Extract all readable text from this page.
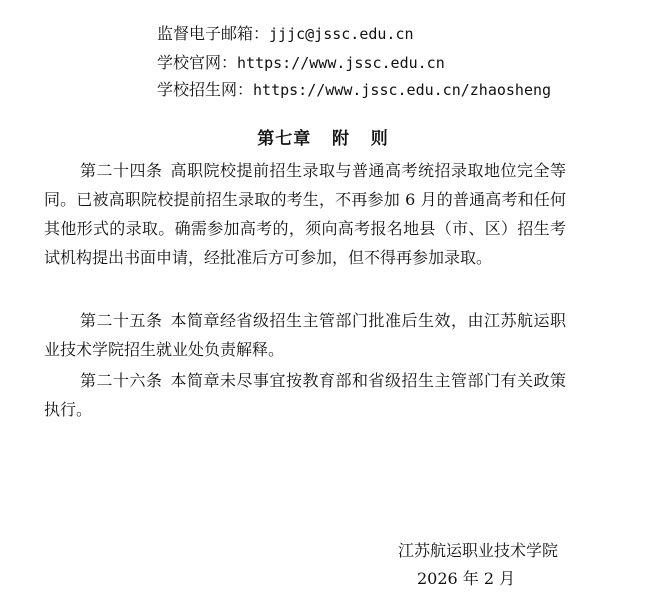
监督电子邮箱：jjjc@jssc.edu.cn
学校官网：https://www.jssc.edu.cn
学校招生网：https://www.jssc.edu.cn/zhaosheng
第七章   附   则

第二十四条 高职院校提前招生录取与普通高考统招录取地位完全等同。已被高职院校提前招生录取的考生，不再参加 6 月的普通高考和任何其他形式的录取。确需参加高考的，须向高考报名地县（市、区）招生考试机构提出书面申请，经批准后方可参加，但不得再参加录取。

第二十五条 本简章经省级招生主管部门批准后生效，由江苏航运职业技术学院招生就业处负责解释。

第二十六条 本简章未尽事宜按教育部和省级招生主管部门有关政策执行。

江苏航运职业技术学院
2026 年 2 月
